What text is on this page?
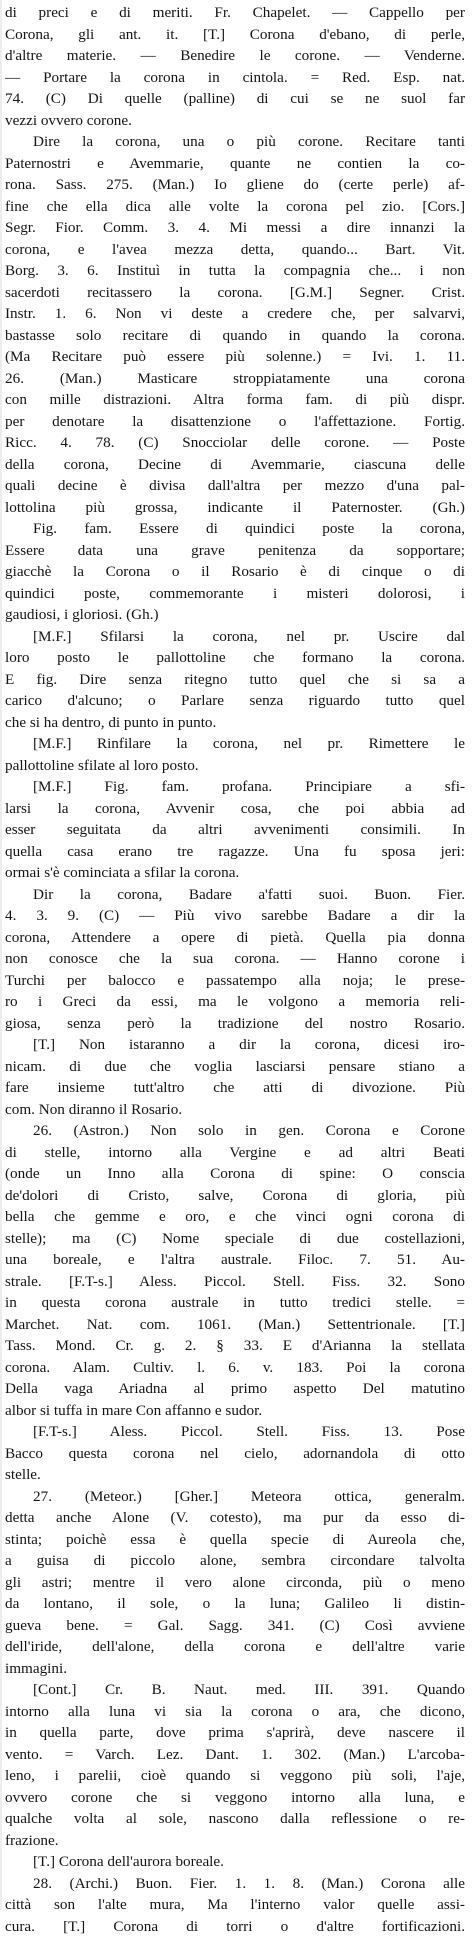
di preci e di meriti. Fr. Chapelet. — Cappello per
Corona, gli ant. it. [T.] Corona d'ebano, di perle,
d'altre materie. — Benedire le corone. — Venderne.
— Portare la corona in cintola. = Red. Esp. nat.
74. (C) Di quelle (palline) di cui se ne suol far
vezzi ovvero corone.
Dire la corona, una o più corone. Recitare tanti
Paternostri e Avemmarie, quante ne contien la co-
rona. Sass. 275. (Man.) Io gliene do (certe perle) af-
fine che ella dica alle volte la corona pel zio. [Cors.]
Segr. Fior. Comm. 3. 4. Mi messi a dire innanzi la
corona, e l'avea mezza detta, quando... Bart. Vit.
Borg. 3. 6. Instituì in tutta la compagnia che... i non
sacerdoti recitassero la corona. [G.M.] Segner. Crist.
Instr. 1. 6. Non vi deste a credere che, per salvarvi,
bastasse solo recitare di quando in quando la corona.
(Ma Recitare può essere più solenne.) = Ivi. 1. 11.
26. (Man.) Masticare stroppiatamente una corona
con mille distrazioni. Altra forma fam. di più dispr.
per denotare la disattenzione o l'affettazione. Fortig.
Ricc. 4. 78. (C) Snocciolar delle corone. — Poste
della corona, Decine di Avemmarie, ciascuna delle
quali decine è divisa dall'altra per mezzo d'una pal-
lottolina più grossa, indicante il Paternoster. (Gh.)
Fig. fam. Essere di quindici poste la corona,
Essere data una grave penitenza da sopportare;
giacchè la Corona o il Rosario è di cinque o di
quindici poste, commemorante i misteri dolorosi, i
gaudiosi, i gloriosi. (Gh.)
[M.F.] Sfilarsi la corona, nel pr. Uscire dal
loro posto le pallottoline che formano la corona.
E fig. Dire senza ritegno tutto quel che si sa a
carico d'alcuno; o Parlare senza riguardo tutto quel
che si ha dentro, di punto in punto.
[M.F.] Rinfilare la corona, nel pr. Rimettere le
pallottoline sfilate al loro posto.
[M.F.] Fig. fam. profana. Principiare a sfi-
larsi la corona, Avvenir cosa, che poi abbia ad
esser seguitata da altri avvenimenti consimili. In
quella casa erano tre ragazze. Una fu sposa jeri:
ormai s'è cominciata a sfilar la corona.
Dir la corona, Badare a'fatti suoi. Buon. Fier.
4. 3. 9. (C) — Più vivo sarebbe Badare a dir la
corona, Attendere a opere di pietà. Quella pia donna
non conosce che la sua corona. — Hanno corone i
Turchi per balocco e passatempo alla noja; le prese-
ro i Greci da essi, ma le volgono a memoria reli-
giosa, senza però la tradizione del nostro Rosario.
[T.] Non istaranno a dir la corona, dicesi iro-
nicam. di due che voglia lasciarsi pensare stiano a
fare insieme tutt'altro che atti di divozione. Più
com. Non diranno il Rosario.
26. (Astron.) Non solo in gen. Corona e Corone
di stelle, intorno alla Vergine e ad altri Beati
(onde un Inno alla Corona di spine: O conscia
de'dolori di Cristo, salve, Corona di gloria, più
bella che gemme e oro, e che vinci ogni corona di
stelle); ma (C) Nome speciale di due costellazioni,
una boreale, e l'altra australe. Filoc. 7. 51. Au-
strale. [F.T-s.] Aless. Piccol. Stell. Fiss. 32. Sono
in questa corona australe in tutto tredici stelle. =
Marchet. Nat. com. 1061. (Man.) Settentrionale. [T.]
Tass. Mond. Cr. g. 2. § 33. E d'Arianna la stellata
corona. Alam. Cultiv. l. 6. v. 183. Poi la corona
Della vaga Ariadna al primo aspetto Del matutino
albor si tuffa in mare Con affanno e sudor.
[F.T-s.] Aless. Piccol. Stell. Fiss. 13. Pose
Bacco questa corona nel cielo, adornandola di otto
stelle.
27. (Meteor.) [Gher.] Meteora ottica, generalm.
detta anche Alone (V. cotesto), ma pur da esso di-
stinta; poichè essa è quella specie di Aureola che,
a guisa di piccolo alone, sembra circondare talvolta
gli astri; mentre il vero alone circonda, più o meno
da lontano, il sole, o la luna; Galileo li distin-
gueva bene. = Gal. Sagg. 341. (C) Così avviene
dell'iride, dell'alone, della corona e dell'altre varie
immagini.
[Cont.] Cr. B. Naut. med. III. 391. Quando
intorno alla luna vi sia la corona o ara, che dicono,
in quella parte, dove prima s'aprirà, deve nascere il
vento. = Varch. Lez. Dant. 1. 302. (Man.) L'arcoba-
leno, i parelii, cioè quando si veggono più soli, l'aje,
ovvero corone che si veggono intorno alla luna, e
qualche volta al sole, nascono dalla reflessione o re-
frazione.
[T.] Corona dell'aurora boreale.
28. (Archi.) Buon. Fier. 1. 1. 8. (Man.) Corona alle
città son l'alte mura, Ma l'interno valor quelle assi-
cura. [T.] Corona di torri o d'altre fortificazioni.
